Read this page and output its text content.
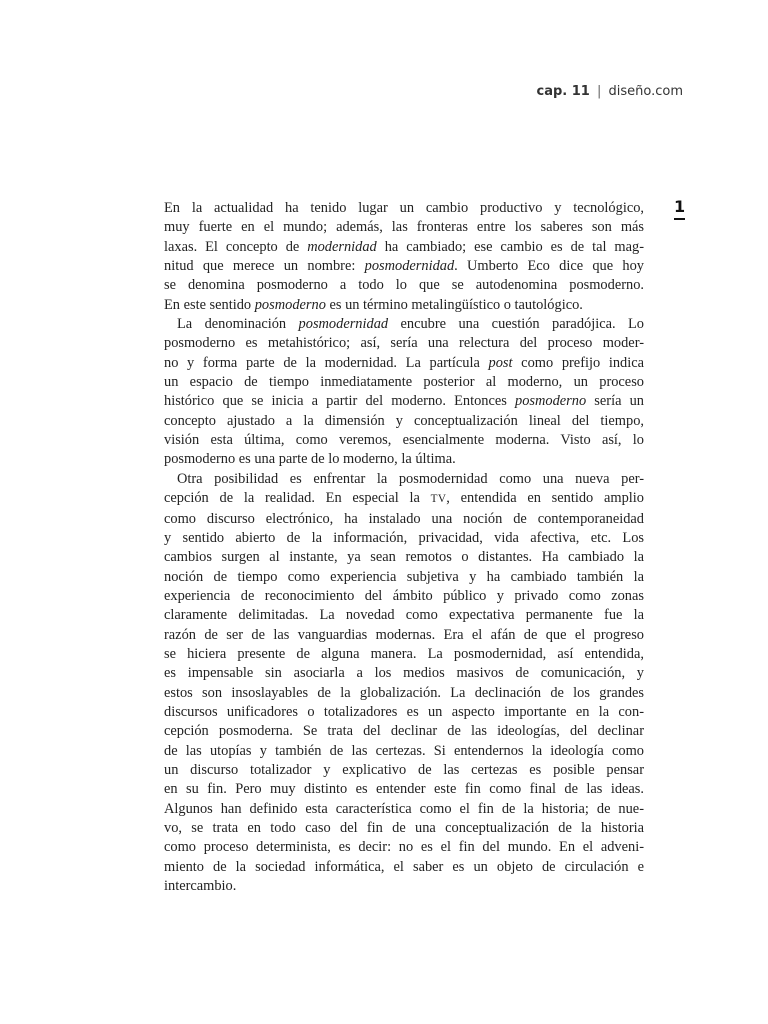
cap. 11 | diseño.com
1
En la actualidad ha tenido lugar un cambio productivo y tecnológico,
muy fuerte en el mundo; además, las fronteras entre los saberes son más
laxas. El concepto de modernidad ha cambiado; ese cambio es de tal mag-
nitud que merece un nombre: posmodernidad. Umberto Eco dice que hoy
se denomina posmoderno a todo lo que se autodenomina posmoderno.
En este sentido posmoderno es un término metalingüístico o tautológico.
La denominación posmodernidad encubre una cuestión paradójica. Lo
posmoderno es metahistórico; así, sería una relectura del proceso moder-
no y forma parte de la modernidad. La partícula post como prefijo indica
un espacio de tiempo inmediatamente posterior al moderno, un proceso
histórico que se inicia a partir del moderno. Entonces posmoderno sería un
concepto ajustado a la dimensión y conceptualización lineal del tiempo,
visión esta última, como veremos, esencialmente moderna. Visto así, lo
posmoderno es una parte de lo moderno, la última.
Otra posibilidad es enfrentar la posmodernidad como una nueva per-
cepción de la realidad. En especial la TV, entendida en sentido amplio
como discurso electrónico, ha instalado una noción de contemporaneidad
y sentido abierto de la información, privacidad, vida afectiva, etc. Los
cambios surgen al instante, ya sean remotos o distantes. Ha cambiado la
noción de tiempo como experiencia subjetiva y ha cambiado también la
experiencia de reconocimiento del ámbito público y privado como zonas
claramente delimitadas. La novedad como expectativa permanente fue la
razón de ser de las vanguardias modernas. Era el afán de que el progreso
se hiciera presente de alguna manera. La posmodernidad, así entendida,
es impensable sin asociarla a los medios masivos de comunicación, y
estos son insoslayables de la globalización. La declinación de los grandes
discursos unificadores o totalizadores es un aspecto importante en la con-
cepción posmoderna. Se trata del declinar de las ideologías, del declinar
de las utopías y también de las certezas. Si entendernos la ideología como
un discurso totalizador y explicativo de las certezas es posible pensar
en su fin. Pero muy distinto es entender este fin como final de las ideas.
Algunos han definido esta característica como el fin de la historia; de nue-
vo, se trata en todo caso del fin de una conceptualización de la historia
como proceso determinista, es decir: no es el fin del mundo. En el adveni-
miento de la sociedad informática, el saber es un objeto de circulación e
intercambio.
